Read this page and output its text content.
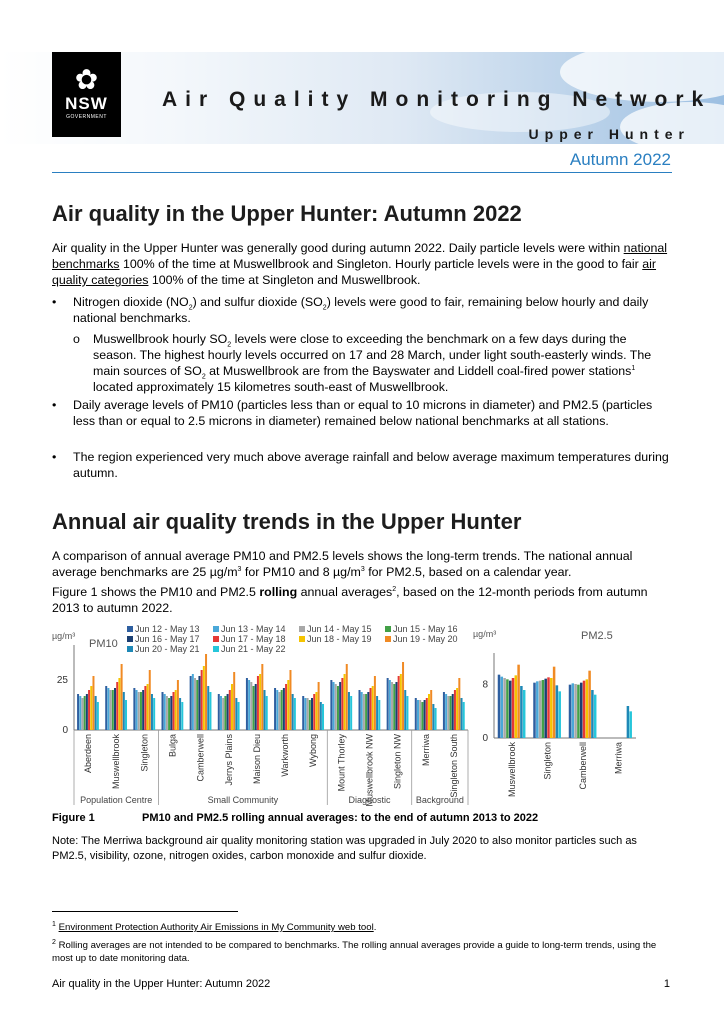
✿
NSW
GOVERNMENT
Air Quality Monitoring Network
Upper Hunter
Autumn 2022
Air quality in the Upper Hunter: Autumn 2022
Air quality in the Upper Hunter was generally good during autumn 2022. Daily particle levels were within national benchmarks 100% of the time at Muswellbrook and Singleton. Hourly particle levels were in the good to fair air quality categories 100% of the time at Singleton and Muswellbrook.
• Nitrogen dioxide $(NO_2)$ and sulfur dioxide $(SO_2)$ levels were good to fair, remaining below hourly and daily national benchmarks.
o Muswellbrook hourly $SO_2$ levels were close to exceeding the benchmark on a few days during the season. The highest hourly levels occurred on 17 and 28 March, under light south-easterly winds. The main sources of $SO_2$ at Muswellbrook are from the Bayswater and Liddell coal-fired power stations$^1$ located approximately 15 kilometres south-east of Muswellbrook.
• Daily average levels of PM10 (particles less than or equal to 10 microns in diameter) and PM2.5 (particles less than or equal to 2.5 microns in diameter) remained below national benchmarks at all stations.
• The region experienced very much above average rainfall and below average maximum temperatures during autumn.
Annual air quality trends in the Upper Hunter
A comparison of annual average PM10 and PM2.5 levels shows the long-term trends. The national annual average benchmarks are 25 $\mu g/m^3$ for PM10 and 8 $\mu g/m^3$ for PM2.5, based on a calendar year.
Figure 1 shows the PM10 and PM2.5 rolling annual averages$^2$, based on the 12-month periods from autumn 2013 to autumn 2022.
Jun 12 - May 13 Jun 13 - May 14 Jun 14 - May 15 Jun 15 - May 16
Jun 16 - May 17 Jun 17 - May 18 Jun 18 - May 19 Jun 19 - May 20
Jun 20 - May 21 Jun 21 - May 22
µg/m³
PM10
0
25
Aberdeen Muswellbrook Singleton Bulga Camberwell Jerrys Plains Maison Dieu Warkworth Wybong Mount Thorley Muswellbrook NW Singleton NW Merriwa Singleton South
Population Centre	Small Community	Diagnostic	Background
µg/m³	PM2.5
0
8
Muswellbrook	Singleton	Camberwell	Merriwa
Figure 1	PM10 and PM2.5 rolling annual averages: to the end of autumn 2013 to 2022
Note: The Merriwa background air quality monitoring station was upgraded in July 2020 to also monitor particles such as PM2.5, visibility, ozone, nitrogen oxides, carbon monoxide and sulfur dioxide.
$^1$ Environment Protection Authority Air Emissions in My Community web tool.
$^2$ Rolling averages are not intended to be compared to benchmarks. The rolling annual averages provide a guide to long-term trends, using the most up to date monitoring data.
Air quality in the Upper Hunter: Autumn 2022	1
